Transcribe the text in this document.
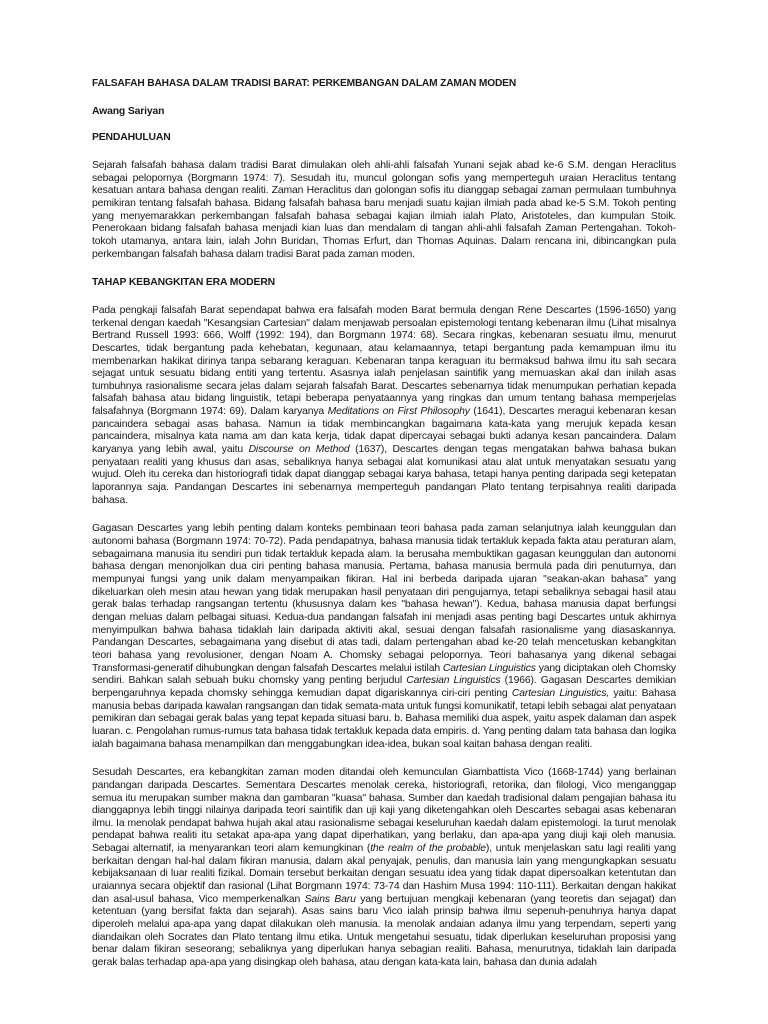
FALSAFAH BAHASA DALAM TRADISI BARAT: PERKEMBANGAN DALAM ZAMAN MODEN
Awang Sariyan
PENDAHULUAN

Sejarah falsafah bahasa dalam tradisi Barat dimulakan oleh ahli-ahli falsafah Yunani sejak abad ke-6 S.M. dengan Heraclitus sebagai pelopornya (Borgmann 1974: 7). Sesudah itu, muncul golongan sofis yang memperteguh uraian Heraclitus tentang kesatuan antara bahasa dengan realiti. Zaman Heraclitus dan golongan sofis itu dianggap sebagai zaman permulaan tumbuhnya pemikiran tentang falsafah bahasa. Bidang falsafah bahasa baru menjadi suatu kajian ilmiah pada abad ke-5 S.M. Tokoh penting yang menyemarakkan perkembangan falsafah bahasa sebagai kajian ilmiah ialah Plato, Aristoteles, dan kumpulan Stoik. Penerokaan bidang falsafah bahasa menjadi kian luas dan mendalam di tangan ahli-ahli falsafah Zaman Pertengahan. Tokoh-tokoh utamanya, antara lain, ialah John Buridan, Thomas Erfurt, dan Thomas Aquinas. Dalam rencana ini, dibincangkan pula perkembangan falsafah bahasa dalam tradisi Barat pada zaman moden.

TAHAP KEBANGKITAN ERA MODERN
Pada pengkaji falsafah Barat sependapat bahwa era falsafah moden Barat bermula dengan Rene Descartes (1596-1650) yang terkenal dengan kaedah "Kesangsian Cartesian" dalam menjawab persoalan epistemologi tentang kebenaran ilmu (Lihat misalnya Bertrand Russell 1993: 666, Wolff (1992: 194), dan Borgmann 1974: 68). Secara ringkas, kebenaran sesuatu ilmu, menurut Descartes, tidak bergantung pada kehebatan, kegunaan, atau kelamaannya, tetapi bergantung pada kemampuan ilmu itu membenarkan hakikat dirinya tanpa sebarang keraguan. Kebenaran tanpa keraguan itu bermaksud bahwa ilmu itu sah secara sejagat untuk sesuatu bidang entiti yang tertentu. Asasnya ialah penjelasan saintifik yang memuaskan akal dan inilah asas tumbuhnya rasionalisme secara jelas dalam sejarah falsafah Barat. Descartes sebenarnya tidak menumpukan perhatian kepada falsafah bahasa atau bidang linguistik, tetapi beberapa penyataannya yang ringkas dan umum tentang bahasa memperjelas falsafahnya (Borgmann 1974: 69). Dalam karyanya Meditations on First Philosophy (1641), Descartes meragui kebenaran kesan pancaindera sebagai asas bahasa. Namun ia tidak membincangkan bagaimana kata-kata yang merujuk kepada kesan pancaindera, misalnya kata nama am dan kata kerja, tidak dapat dipercayai sebagai bukti adanya kesan pancaindera. Dalam karyanya yang lebih awal, yaitu Discourse on Method (1637), Descartes dengan tegas mengatakan bahwa bahasa bukan penyataan realiti yang khusus dan asas, sebaliknya hanya sebagai alat komunikasi atau alat untuk menyatakan sesuatu yang wujud. Oleh itu cereka dan historiografi tidak dapat dianggap sebagai karya bahasa, tetapi hanya penting daripada segi ketepatan laporannya saja. Pandangan Descartes ini sebenarnya memperteguh pandangan Plato tentang terpisahnya realiti daripada bahasa.
Gagasan Descartes yang lebih penting dalam konteks pembinaan teori bahasa pada zaman selanjutnya ialah keunggulan dan autonomi bahasa (Borgmann 1974: 70-72). Pada pendapatnya, bahasa manusia tidak tertakluk kepada fakta atau peraturan alam, sebagaimana manusia itu sendiri pun tidak tertakluk kepada alam. Ia berusaha membuktikan gagasan keunggulan dan autonomi bahasa dengan menonjolkan dua ciri penting bahasa manusia. Pertama, bahasa manusia bermula pada diri penuturnya, dan mempunyai fungsi yang unik dalam menyampaikan fikiran. Hal ini berbeda daripada ujaran "seakan-akan bahasa" yang dikeluarkan oleh mesin atau hewan yang tidak merupakan hasil penyataan diri pengujarnya, tetapi sebaliknya sebagai hasil atau gerak balas terhadap rangsangan tertentu (khususnya dalam kes "bahasa hewan"). Kedua, bahasa manusia dapat berfungsi dengan meluas dalam pelbagai situasi. Kedua-dua pandangan falsafah ini menjadi asas penting bagi Descartes untuk akhirnya menyimpulkan bahwa bahasa tidaklah lain daripada aktiviti akal, sesuai dengan falsafah rasionalisme yang diasaskannya. Pandangan Descartes, sebagaimana yang disebut di atas tadi, dalam pertengahan abad ke-20 telah mencetuskan kebangkitan teori bahasa yang revolusioner, dengan Noam A. Chomsky sebagai pelopornya. Teori bahasanya yang dikenal sebagai Transformasi-generatif dihubungkan dengan falsafah Descartes melalui istilah Cartesian Linguistics yang diciptakan oleh Chomsky sendiri. Bahkan salah sebuah buku chomsky yang penting berjudul Cartesian Linguistics (1966). Gagasan Descartes demikian berpengaruhnya kepada chomsky sehingga kemudian dapat digariskannya ciri-ciri penting Cartesian Linguistics, yaitu: Bahasa manusia bebas daripada kawalan rangsangan dan tidak semata-mata untuk fungsi komunikatif, tetapi lebih sebagai alat penyataan pemikiran dan sebagai gerak balas yang tepat kepada situasi baru. b. Bahasa memiliki dua aspek, yaitu aspek dalaman dan aspek luaran. c. Pengolahan rumus-rumus tata bahasa tidak tertakluk kepada data empiris. d. Yang penting dalam tata bahasa dan logika ialah bagaimana bahasa menampilkan dan menggabungkan idea-idea, bukan soal kaitan bahasa dengan realiti.
Sesudah Descartes, era kebangkitan zaman moden ditandai oleh kemunculan Giambattista Vico (1668-1744) yang berlainan pandangan daripada Descartes. Sementara Descartes menolak cereka, historiografi, retorika, dan filologi, Vico menganggap semua itu merupakan sumber makna dan gambaran "kuasa" bahasa. Sumber dan kaedah tradisional dalam pengajian bahasa itu dianggapnya lebih tinggi nilainya daripada teori saintifik dan uji kaji yang diketengahkan oleh Descartes sebagai asas kebenaran ilmu. Ia menolak pendapat bahwa hujah akal atau rasionalisme sebagai keseluruhan kaedah dalam epistemologi. Ia turut menolak pendapat bahwa realiti itu setakat apa-apa yang dapat diperhatikan, yang berlaku, dan apa-apa yang diuji kaji oleh manusia. Sebagai alternatif, ia menyarankan teori alam kemungkinan (the realm of the probable), untuk menjelaskan satu lagi realiti yang berkaitan dengan hal-hal dalam fikiran manusia, dalam akal penyajak, penulis, dan manusia lain yang mengungkapkan sesuatu kebijaksanaan di luar realiti fizikal. Domain tersebut berkaitan dengan sesuatu idea yang tidak dapat dipersoalkan ketentutan dan uraiannya secara objektif dan rasional (Lihat Borgmann 1974: 73-74 dan Hashim Musa 1994: 110-111). Berkaitan dengan hakikat dan asal-usul bahasa, Vico memperkenalkan Sains Baru yang bertujuan mengkaji kebenaran (yang teoretis dan sejagat) dan ketentuan (yang bersifat fakta dan sejarah). Asas sains baru Vico ialah prinsip bahwa ilmu sepenuh-penuhnya hanya dapat diperoleh melalui apa-apa yang dapat dilakukan oleh manusia. Ia menolak andaian adanya ilmu yang terpendam, seperti yang diandaikan oleh Socrates dan Plato tentang ilmu etika. Untuk mengetahui sesuatu, tidak diperlukan keseluruhan proposisi yang benar dalam fikiran seseorang; sebaliknya yang diperlukan hanya sebagian realiti. Bahasa, menurutnya, tidaklah lain daripada gerak balas terhadap apa-apa yang disingkap oleh bahasa, atau dengan kata-kata lain, bahasa dan dunia adalah
